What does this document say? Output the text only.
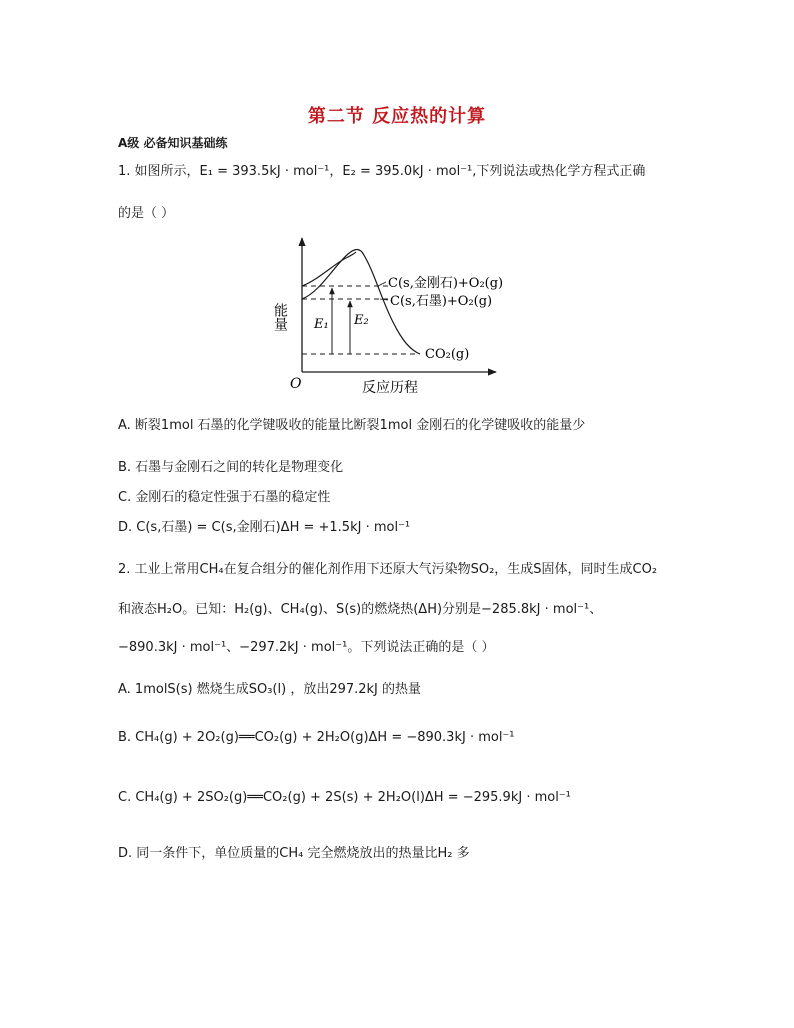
第二节 反应热的计算
A级 必备知识基础练
1. 如图所示，E₁ = 393.5kJ · mol⁻¹，E₂ = 395.0kJ · mol⁻¹,下列说法或热化学方程式正确
的是（ ）
E₁ E₂
C(s,金刚石)+O₂(g)
C(s,石墨)+O₂(g)
CO₂(g)
O	反应历程
能量
A. 断裂1mol 石墨的化学键吸收的能量比断裂1mol 金刚石的化学键吸收的能量少
B. 石墨与金刚石之间的转化是物理变化
C. 金刚石的稳定性强于石墨的稳定性
D. C(s,石墨) = C(s,金刚石)ΔH = +1.5kJ · mol⁻¹
2. 工业上常用CH₄在复合组分的催化剂作用下还原大气污染物SO₂，生成S固体，同时生成CO₂
和液态H₂O。已知：H₂(g)、CH₄(g)、S(s)的燃烧热(ΔH)分别是−285.8kJ · mol⁻¹、
−890.3kJ · mol⁻¹、−297.2kJ · mol⁻¹。下列说法正确的是（ ）
A. 1molS(s) 燃烧生成SO₃(l) ，放出297.2kJ 的热量
B. CH₄(g) + 2O₂(g)══CO₂(g) + 2H₂O(g)ΔH = −890.3kJ · mol⁻¹
C. CH₄(g) + 2SO₂(g)══CO₂(g) + 2S(s) + 2H₂O(l)ΔH = −295.9kJ · mol⁻¹
D. 同一条件下，单位质量的CH₄ 完全燃烧放出的热量比H₂ 多
